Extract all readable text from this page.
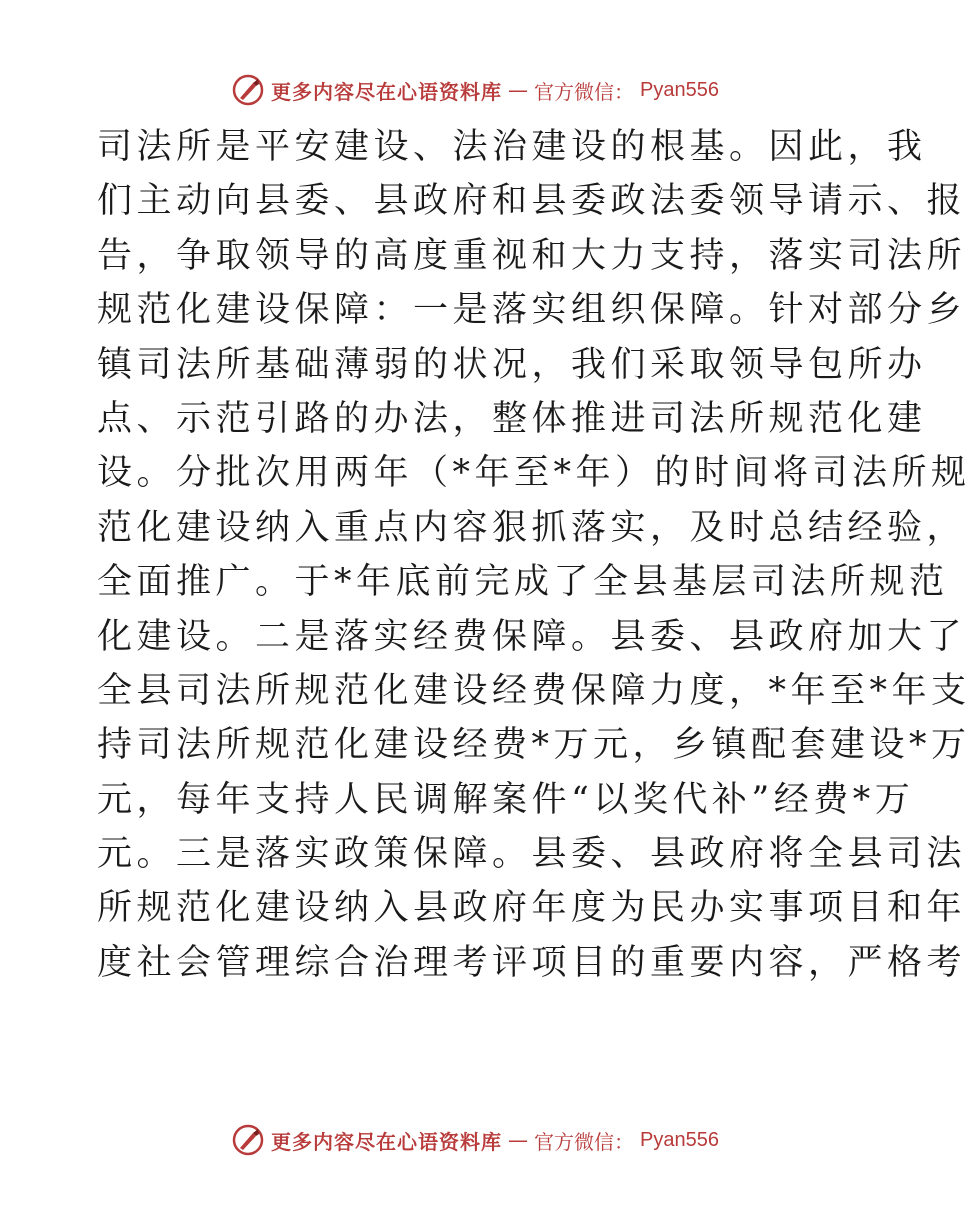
更多内容尽在心语资料库 — 官方微信： Pyan556
司法所是平安建设、法治建设的根基。因此，我
们主动向县委、县政府和县委政法委领导请示、报
告，争取领导的高度重视和大力支持，落实司法所
规范化建设保障：一是落实组织保障。针对部分乡
镇司法所基础薄弱的状况，我们采取领导包所办
点、示范引路的办法，整体推进司法所规范化建
设。分批次用两年（*年至*年）的时间将司法所规
范化建设纳入重点内容狠抓落实，及时总结经验，
全面推广。于*年底前完成了全县基层司法所规范
化建设。二是落实经费保障。县委、县政府加大了
全县司法所规范化建设经费保障力度，*年至*年支
持司法所规范化建设经费*万元，乡镇配套建设*万
元，每年支持人民调解案件“以奖代补”经费*万
元。三是落实政策保障。县委、县政府将全县司法
所规范化建设纳入县政府年度为民办实事项目和年
度社会管理综合治理考评项目的重要内容，严格考
更多内容尽在心语资料库 — 官方微信： Pyan556
